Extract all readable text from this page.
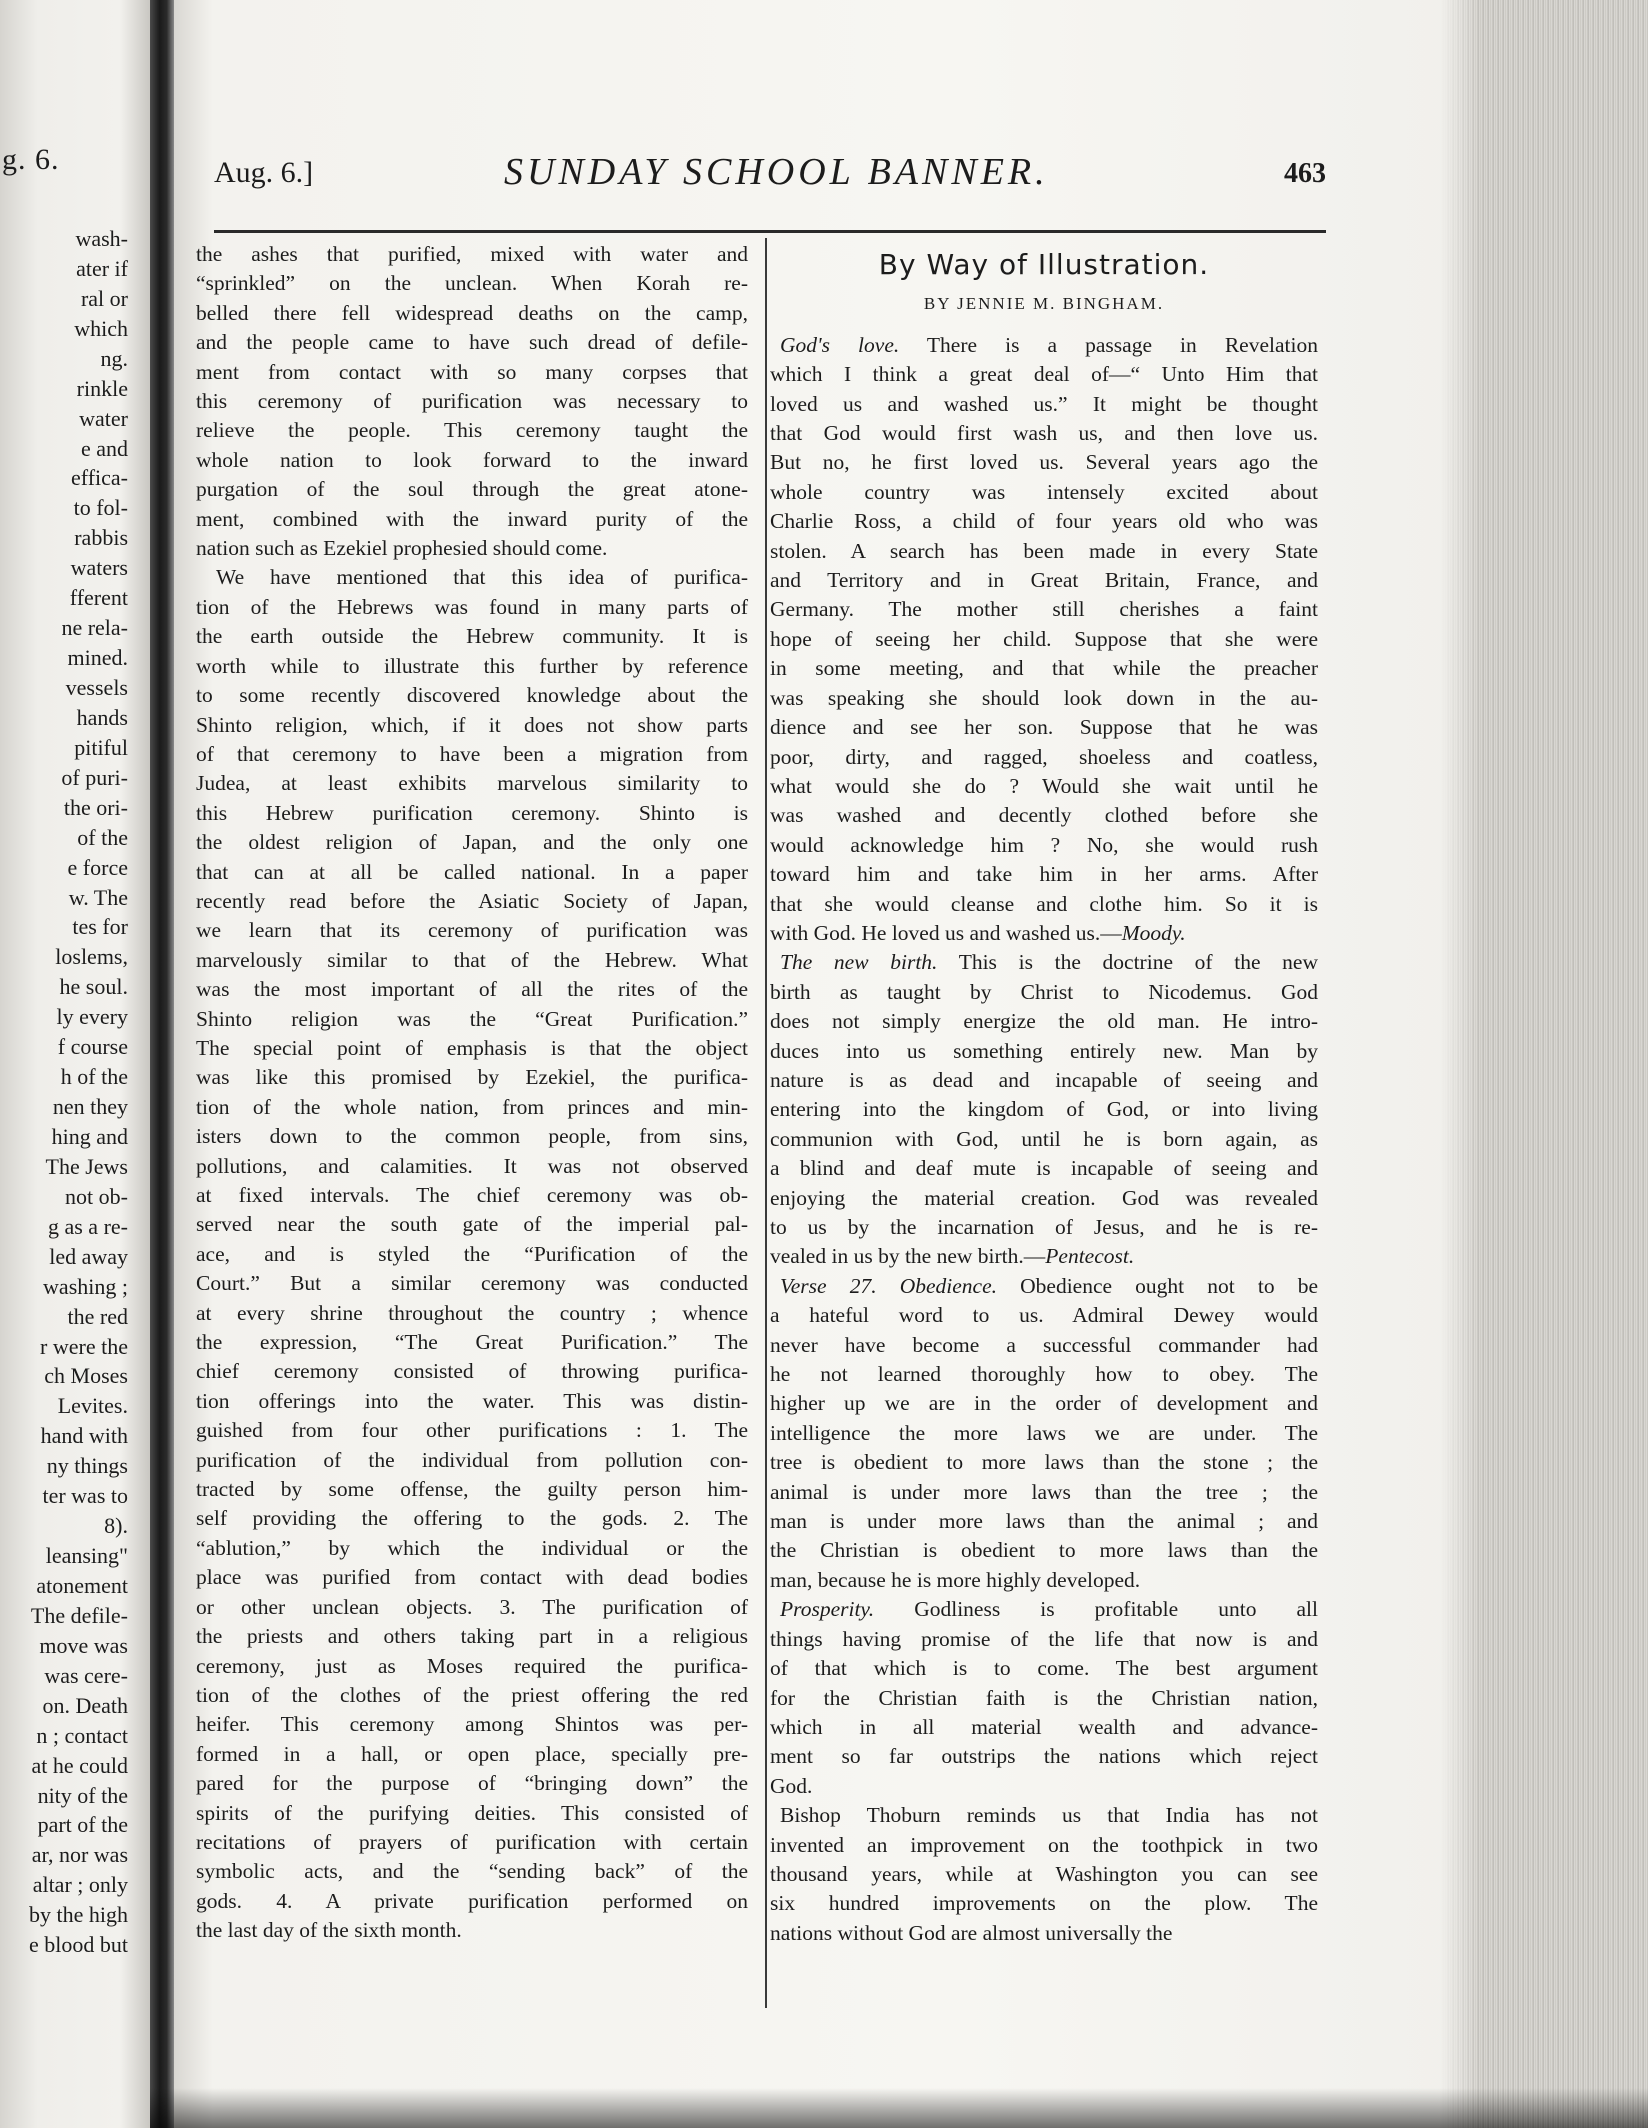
g. 6.
wash-
ater if
ral or
which
ng.
rinkle
water
e and
effica-
to fol-
rabbis
waters
fferent
ne rela-
mined.
vessels
hands
pitiful
of puri-
the ori-
of the
e force
w. The
tes for
loslems,
he soul.
ly every
f course
h of the
nen they
hing and
The Jews
not ob-
g as a re-
led away
washing ;
the red
r were the
ch Moses
Levites.
hand with
ny things
ter was to
8).
leansing"
atonement
The defile-
move was
was cere-
on. Death
n ; contact
at he could
nity of the
part of the
ar, nor was
altar ; only
by the high
e blood but
Aug. 6.]	SUNDAY SCHOOL BANNER.	463

the ashes that purified, mixed with water and
“sprinkled” on the unclean. When Korah re-
belled there fell widespread deaths on the camp,
and the people came to have such dread of defile-
ment from contact with so many corpses that
this ceremony of purification was necessary to
relieve the people. This ceremony taught the
whole nation to look forward to the inward
purgation of the soul through the great atone-
ment, combined with the inward purity of the
nation such as Ezekiel prophesied should come.

We have mentioned that this idea of purifica-
tion of the Hebrews was found in many parts of
the earth outside the Hebrew community. It is
worth while to illustrate this further by reference
to some recently discovered knowledge about the
Shinto religion, which, if it does not show parts
of that ceremony to have been a migration from
Judea, at least exhibits marvelous similarity to
this Hebrew purification ceremony. Shinto is
the oldest religion of Japan, and the only one
that can at all be called national. In a paper
recently read before the Asiatic Society of Japan,
we learn that its ceremony of purification was
marvelously similar to that of the Hebrew. What
was the most important of all the rites of the
Shinto religion was the “Great Purification.”
The special point of emphasis is that the object
was like this promised by Ezekiel, the purifica-
tion of the whole nation, from princes and min-
isters down to the common people, from sins,
pollutions, and calamities. It was not observed
at fixed intervals. The chief ceremony was ob-
served near the south gate of the imperial pal-
ace, and is styled the “Purification of the
Court.” But a similar ceremony was conducted
at every shrine throughout the country ; whence
the expression, “The Great Purification.” The
chief ceremony consisted of throwing purifica-
tion offerings into the water. This was distin-
guished from four other purifications : 1. The
purification of the individual from pollution con-
tracted by some offense, the guilty person him-
self providing the offering to the gods. 2. The
“ablution,” by which the individual or the
place was purified from contact with dead bodies
or other unclean objects. 3. The purification of
the priests and others taking part in a religious
ceremony, just as Moses required the purifica-
tion of the clothes of the priest offering the red
heifer. This ceremony among Shintos was per-
formed in a hall, or open place, specially pre-
pared for the purpose of “bringing down” the
spirits of the purifying deities. This consisted of
recitations of prayers of purification with certain
symbolic acts, and the “sending back” of the
gods. 4. A private purification performed on
the last day of the sixth month.

By Way of Illustration.
BY JENNIE M. BINGHAM.

God's love. There is a passage in Revelation
which I think a great deal of—“ Unto Him that
loved us and washed us.” It might be thought
that God would first wash us, and then love us.
But no, he first loved us. Several years ago the
whole country was intensely excited about
Charlie Ross, a child of four years old who was
stolen. A search has been made in every State
and Territory and in Great Britain, France, and
Germany. The mother still cherishes a faint
hope of seeing her child. Suppose that she were
in some meeting, and that while the preacher
was speaking she should look down in the au-
dience and see her son. Suppose that he was
poor, dirty, and ragged, shoeless and coatless,
what would she do ? Would she wait until he
was washed and decently clothed before she
would acknowledge him ? No, she would rush
toward him and take him in her arms. After
that she would cleanse and clothe him. So it is
with God. He loved us and washed us.—Moody.

The new birth. This is the doctrine of the new
birth as taught by Christ to Nicodemus. God
does not simply energize the old man. He intro-
duces into us something entirely new. Man by
nature is as dead and incapable of seeing and
entering into the kingdom of God, or into living
communion with God, until he is born again, as
a blind and deaf mute is incapable of seeing and
enjoying the material creation. God was revealed
to us by the incarnation of Jesus, and he is re-
vealed in us by the new birth.—Pentecost.

Verse 27. Obedience. Obedience ought not to be
a hateful word to us. Admiral Dewey would
never have become a successful commander had
he not learned thoroughly how to obey. The
higher up we are in the order of development and
intelligence the more laws we are under. The
tree is obedient to more laws than the stone ; the
animal is under more laws than the tree ; the
man is under more laws than the animal ; and
the Christian is obedient to more laws than the
man, because he is more highly developed.

Prosperity. Godliness is profitable unto all
things having promise of the life that now is and
of that which is to come. The best argument
for the Christian faith is the Christian nation,
which in all material wealth and advance-
ment so far outstrips the nations which reject
God.

Bishop Thoburn reminds us that India has not
invented an improvement on the toothpick in two
thousand years, while at Washington you can see
six hundred improvements on the plow. The
nations without God are almost universally the
